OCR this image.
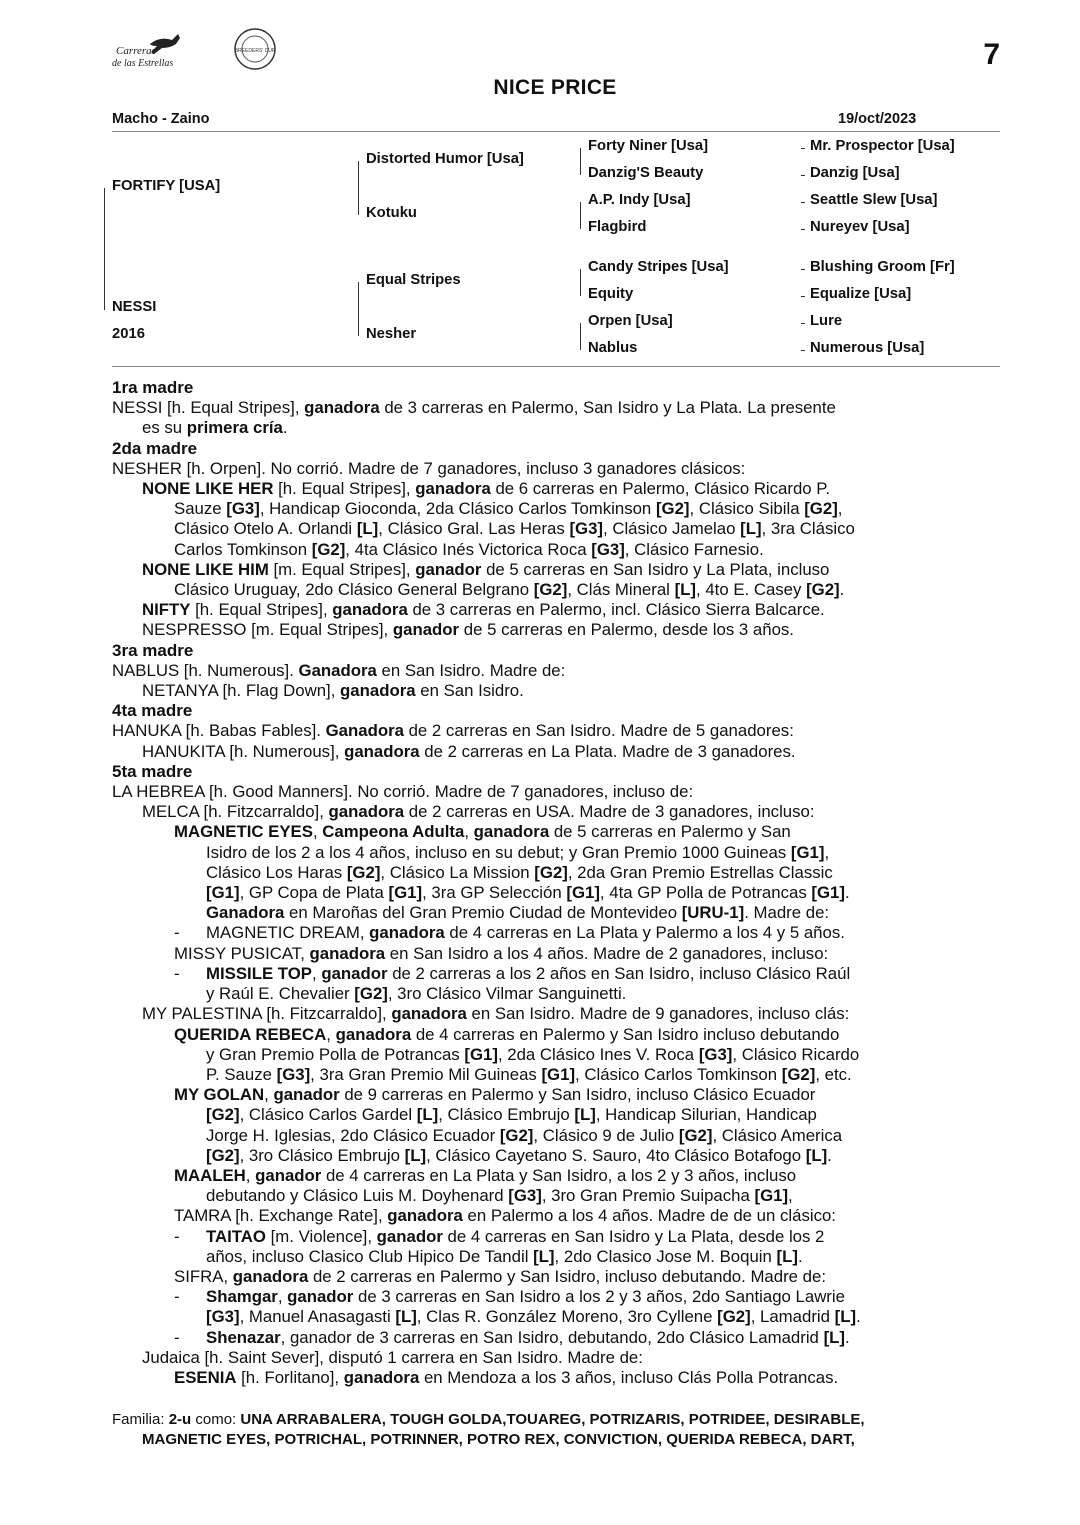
Carreras
de las Estrellas
BREEDERS' CUP	7
NICE PRICE
Macho - Zaino	19/oct/2023
FORTIFY [USA]
NESSI
2016
Distorted Humor [Usa]
Kotuku
Equal Stripes
Nesher
Forty Niner [Usa]
Danzig'S Beauty
A.P. Indy [Usa]
Flagbird
Candy Stripes [Usa]
Equity
Orpen [Usa]
Nablus
Mr. Prospector [Usa]
Danzig [Usa]
Seattle Slew [Usa]
Nureyev [Usa]
Blushing Groom [Fr]
Equalize [Usa]
Lure
Numerous [Usa]
1ra madre
NESSI [h. Equal Stripes], ganadora de 3 carreras en Palermo, San Isidro y La Plata. La presente
es su primera cría.
2da madre
NESHER [h. Orpen]. No corrió. Madre de 7 ganadores, incluso 3 ganadores clásicos:
NONE LIKE HER [h. Equal Stripes], ganadora de 6 carreras en Palermo, Clásico Ricardo P.
Sauze [G3], Handicap Gioconda, 2da Clásico Carlos Tomkinson [G2], Clásico Sibila [G2],
Clásico Otelo A. Orlandi [L], Clásico Gral. Las Heras [G3], Clásico Jamelao [L], 3ra Clásico
Carlos Tomkinson [G2], 4ta Clásico Inés Victorica Roca [G3], Clásico Farnesio.
NONE LIKE HIM [m. Equal Stripes], ganador de 5 carreras en San Isidro y La Plata, incluso
Clásico Uruguay, 2do Clásico General Belgrano [G2], Clás Mineral [L], 4to E. Casey [G2].
NIFTY [h. Equal Stripes], ganadora de 3 carreras en Palermo, incl. Clásico Sierra Balcarce.
NESPRESSO [m. Equal Stripes], ganador de 5 carreras en Palermo, desde los 3 años.
3ra madre
NABLUS [h. Numerous]. Ganadora en San Isidro. Madre de:
NETANYA [h. Flag Down], ganadora en San Isidro.
4ta madre
HANUKA [h. Babas Fables]. Ganadora de 2 carreras en San Isidro. Madre de 5 ganadores:
HANUKITA [h. Numerous], ganadora de 2 carreras en La Plata. Madre de 3 ganadores.
5ta madre
LA HEBREA [h. Good Manners]. No corrió. Madre de 7 ganadores, incluso de:
MELCA [h. Fitzcarraldo], ganadora de 2 carreras en USA. Madre de 3 ganadores, incluso:
MAGNETIC EYES, Campeona Adulta, ganadora de 5 carreras en Palermo y San
Isidro de los 2 a los 4 años, incluso en su debut; y Gran Premio 1000 Guineas [G1],
Clásico Los Haras [G2], Clásico La Mission [G2], 2da Gran Premio Estrellas Classic
[G1], GP Copa de Plata [G1], 3ra GP Selección [G1], 4ta GP Polla de Potrancas [G1].
Ganadora en Maroñas del Gran Premio Ciudad de Montevideo [URU-1]. Madre de:
- MAGNETIC DREAM, ganadora de 4 carreras en La Plata y Palermo a los 4 y 5 años.
MISSY PUSICAT, ganadora en San Isidro a los 4 años. Madre de 2 ganadores, incluso:
- MISSILE TOP, ganador de 2 carreras a los 2 años en San Isidro, incluso Clásico Raúl
y Raúl E. Chevalier [G2], 3ro Clásico Vilmar Sanguinetti.
MY PALESTINA [h. Fitzcarraldo], ganadora en San Isidro. Madre de 9 ganadores, incluso clás:
QUERIDA REBECA, ganadora de 4 carreras en Palermo y San Isidro incluso debutando
y Gran Premio Polla de Potrancas [G1], 2da Clásico Ines V. Roca [G3], Clásico Ricardo
P. Sauze [G3], 3ra Gran Premio Mil Guineas [G1], Clásico Carlos Tomkinson [G2], etc.
MY GOLAN, ganador de 9 carreras en Palermo y San Isidro, incluso Clásico Ecuador
[G2], Clásico Carlos Gardel [L], Clásico Embrujo [L], Handicap Silurian, Handicap
Jorge H. Iglesias, 2do Clásico Ecuador [G2], Clásico 9 de Julio [G2], Clásico America
[G2], 3ro Clásico Embrujo [L], Clásico Cayetano S. Sauro, 4to Clásico Botafogo [L].
MAALEH, ganador de 4 carreras en La Plata y San Isidro, a los 2 y 3 años, incluso
debutando y Clásico Luis M. Doyhenard [G3], 3ro Gran Premio Suipacha [G1],
TAMRA [h. Exchange Rate], ganadora en Palermo a los 4 años. Madre de de un clásico:
- TAITAO [m. Violence], ganador de 4 carreras en San Isidro y La Plata, desde los 2
años, incluso Clasico Club Hipico De Tandil [L], 2do Clasico Jose M. Boquin [L].
SIFRA, ganadora de 2 carreras en Palermo y San Isidro, incluso debutando. Madre de:
- Shamgar, ganador de 3 carreras en San Isidro a los 2 y 3 años, 2do Santiago Lawrie
[G3], Manuel Anasagasti [L], Clas R. González Moreno, 3ro Cyllene [G2], Lamadrid [L].
- Shenazar, ganador de 3 carreras en San Isidro, debutando, 2do Clásico Lamadrid [L].
Judaica [h. Saint Sever], disputó 1 carrera en San Isidro. Madre de:
ESENIA [h. Forlitano], ganadora en Mendoza a los 3 años, incluso Clás Polla Potrancas.
Familia: 2-u como: UNA ARRABALERA, TOUGH GOLDA,TOUAREG, POTRIZARIS, POTRIDEE, DESIRABLE,
MAGNETIC EYES, POTRICHAL, POTRINNER, POTRO REX, CONVICTION, QUERIDA REBECA, DART,
